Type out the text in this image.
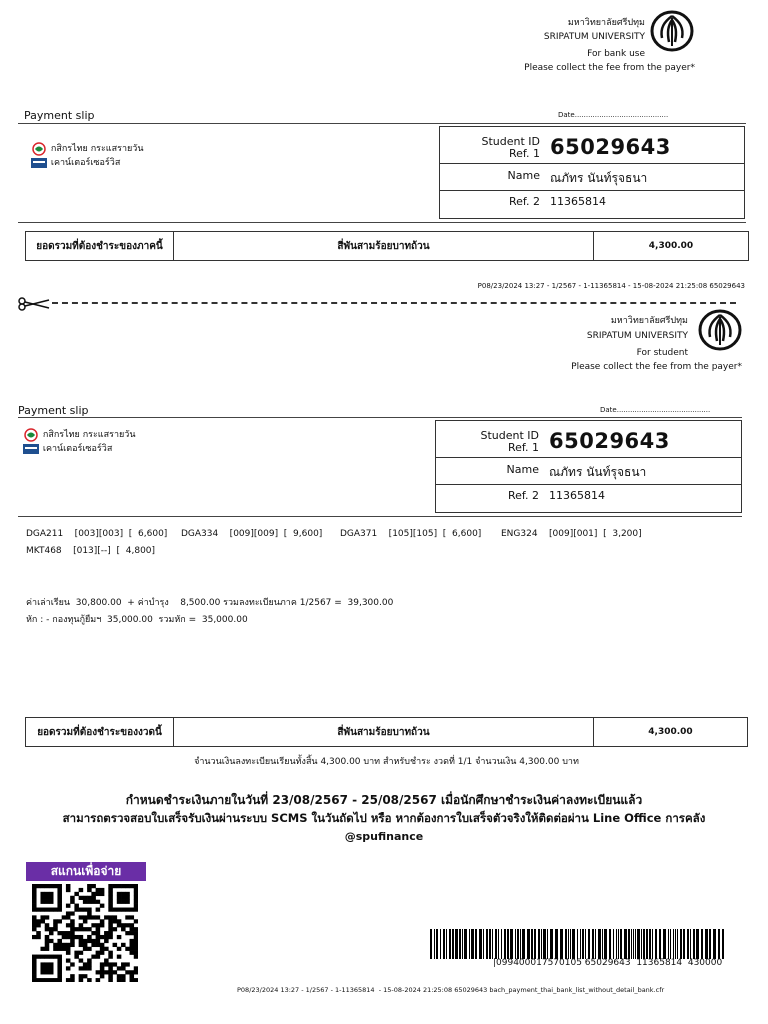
มหาวิทยาลัยศรีปทุม
SRIPATUM UNIVERSITY
For bank use
Please collect the fee from the payer*
Payment slip	Date..........................................
กสิกรไทย กระแสรายวัน
เคาน์เตอร์เซอร์วิส
Student ID
Ref. 1 65029643
Name ณภัทร นันท์รุจธนา
Ref. 2 11365814
ยอดรวมที่ต้องชำระของภาคนี้	สี่พันสามร้อยบาทถ้วน	4,300.00
P08/23/2024 13:27 - 1/2567 - 1-11365814 - 15-08-2024 21:25:08 65029643
มหาวิทยาลัยศรีปทุม
SRIPATUM UNIVERSITY
For student
Please collect the fee from the payer*
Payment slip	Date..........................................
กสิกรไทย กระแสรายวัน
เคาน์เตอร์เซอร์วิส
Student ID
Ref. 1 65029643
Name ณภัทร นันท์รุจธนา
Ref. 2 11365814
DGA211    [003][003]  [  6,600] DGA334    [009][009]  [  9,600] DGA371    [105][105]  [  6,600] ENG324    [009][001]  [  3,200]
MKT468    [013][--]  [  4,800]
ค่าเล่าเรียน  30,800.00  + ค่าบำรุง    8,500.00 รวมลงทะเบียนภาค 1/2567 =  39,300.00
หัก : - กองทุนกู้ยืมฯ  35,000.00  รวมหัก =  35,000.00
ยอดรวมที่ต้องชำระของงวดนี้	สี่พันสามร้อยบาทถ้วน	4,300.00
จำนวนเงินลงทะเบียนเรียนทั้งสิ้น 4,300.00 บาท สำหรับชำระ งวดที่ 1/1 จำนวนเงิน 4,300.00 บาท
กำหนดชำระเงินภายในวันที่ 23/08/2567 - 25/08/2567 เมื่อนักศึกษาชำระเงินค่าลงทะเบียนแล้ว
สามารถตรวจสอบใบเสร็จรับเงินผ่านระบบ SCMS ในวันถัดไป หรือ หากต้องการใบเสร็จตัวจริงให้ติดต่อผ่าน Line Office การคลัง
@spufinance
สแกนเพื่อจ่าย
|099400017570105 65029643  11365814  430000
P08/23/2024 13:27 - 1/2567 - 1-11365814  - 15-08-2024 21:25:08 65029643 bach_payment_thai_bank_list_without_detail_bank.cfr
